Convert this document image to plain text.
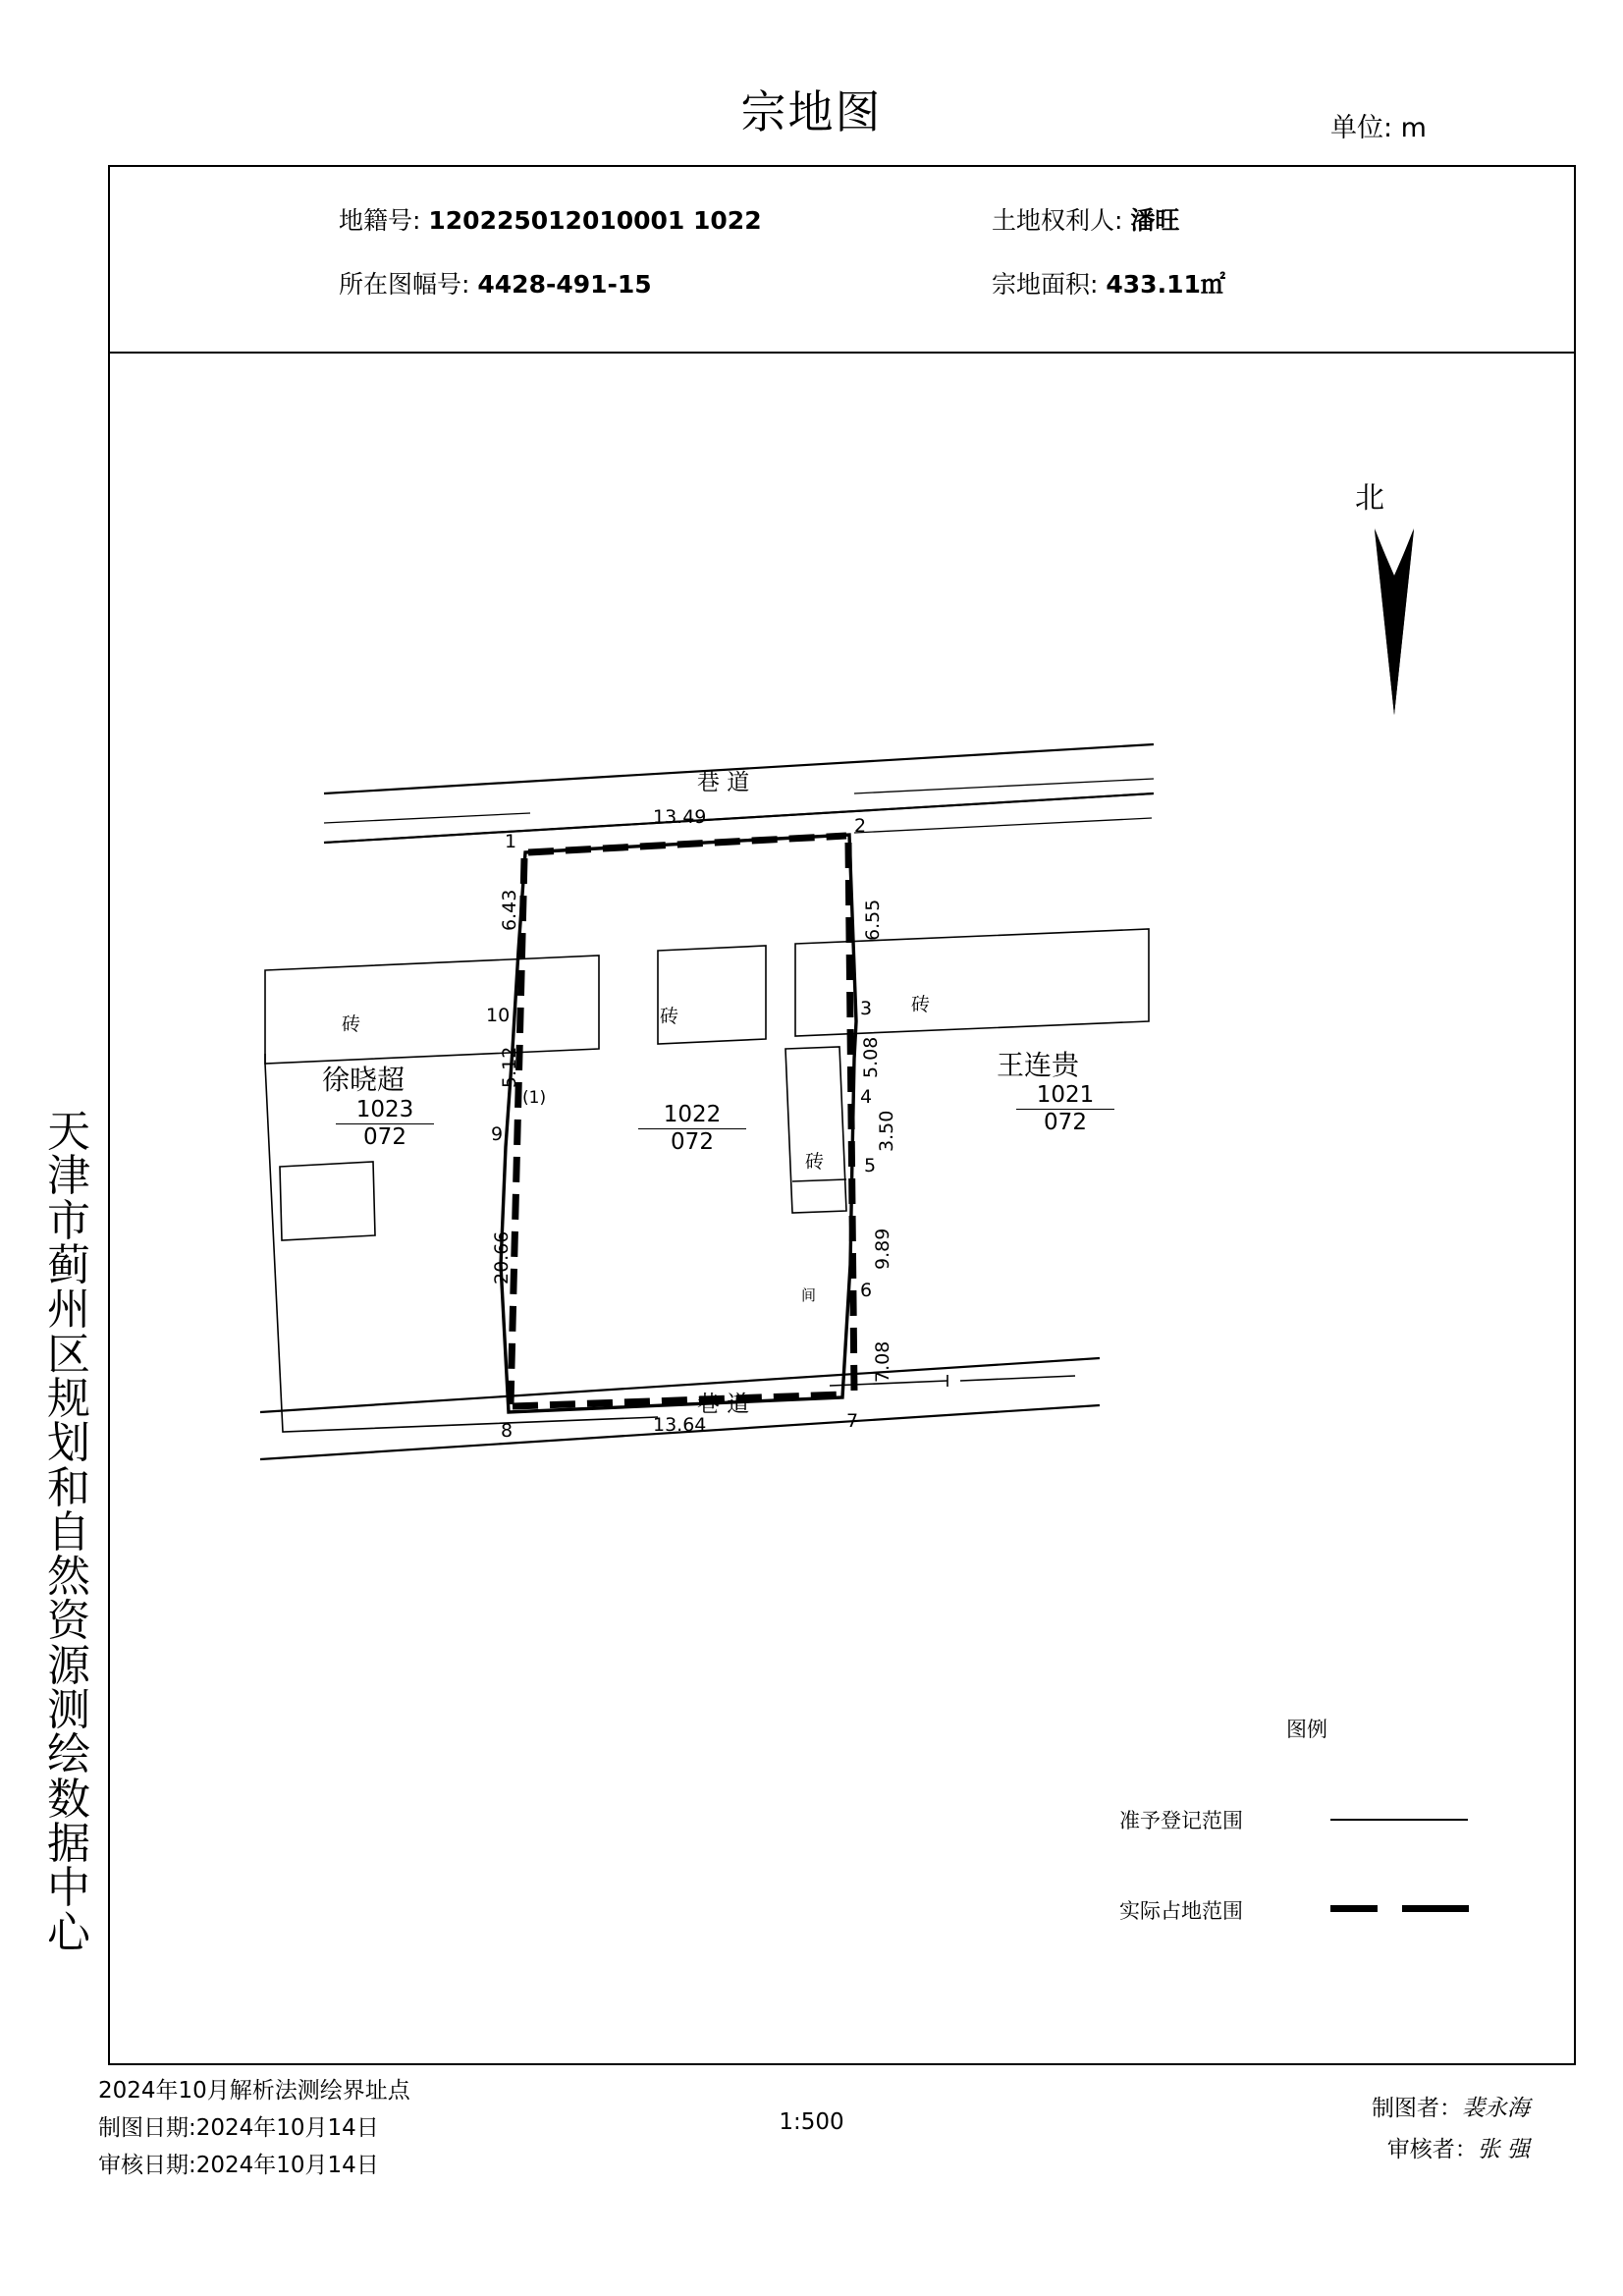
宗地图	单位: m
地籍号: 120225012010001 1022
所在图幅号: 4428-491-15
土地权利人: 潘旺
宗地面积: 433.11㎡
天津市蓟州区规划和自然资源测绘数据中心
北
巷 道
巷 道
1
2
3
4
5
6
7
8
9
10
(1)
13.49
13.64
6.43
5.12
20.66
6.55
5.08
3.50
9.89
7.08
砖	砖
砖
砖
间
$\frac{1022}{072}$
徐晓超
$\frac{1023}{072}$
王连贵
$\frac{1021}{072}$
图例
准予登记范围
实际占地范围
2024年10月解析法测绘界址点
制图日期:2024年10月14日
审核日期:2024年10月14日
1:500
制图者：裴永海
审核者：张 强
